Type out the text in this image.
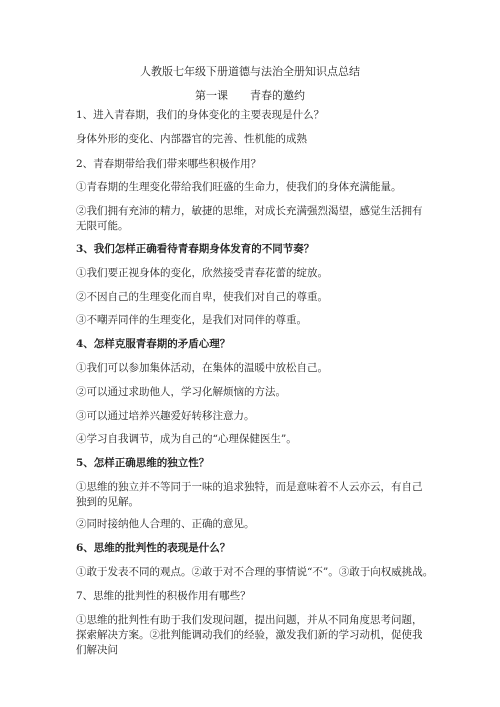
人教版七年级下册道德与法治全册知识点总结
第一课 青春的邀约
1、进入青春期，我们的身体变化的主要表现是什么？
身体外形的变化、内部器官的完善、性机能的成熟
2、青春期带给我们带来哪些积极作用？
①青春期的生理变化带给我们旺盛的生命力，使我们的身体充满能量。
②我们拥有充沛的精力，敏捷的思维，对成长充满强烈渴望，感觉生活拥有无限可能。
3、我们怎样正确看待青春期身体发育的不同节奏？
①我们要正视身体的变化，欣然接受青春花蕾的绽放。
②不因自己的生理变化而自卑，使我们对自己的尊重。
③不嘲弄同伴的生理变化，是我们对同伴的尊重。
4、怎样克服青春期的矛盾心理？
①我们可以参加集体活动，在集体的温暖中放松自己。
②可以通过求助他人，学习化解烦恼的方法。
③可以通过培养兴趣爱好转移注意力。
④学习自我调节，成为自己的“心理保健医生”。
5、怎样正确思维的独立性？
①思维的独立并不等同于一味的追求独特，而是意味着不人云亦云，有自己独到的见解。
②同时接纳他人合理的、正确的意见。
6、思维的批判性的表现是什么？
①敢于发表不同的观点。②敢于对不合理的事情说“不”。③敢于向权威挑战。
7、思维的批判性的积极作用有哪些？
①思维的批判性有助于我们发现问题，提出问题，并从不同角度思考问题，探索解决方案。②批判能调动我们的经验，激发我们新的学习动机，促使我们解决问
